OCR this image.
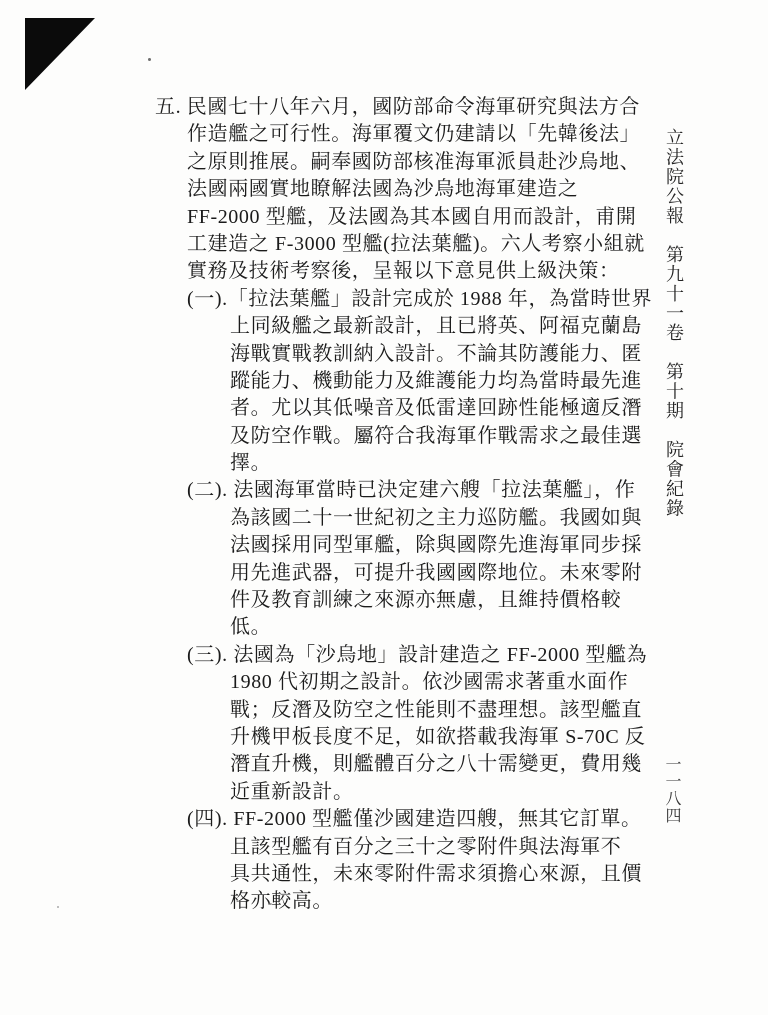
五. 民國七十八年六月，國防部命令海軍研究與法方合
作造艦之可行性。海軍覆文仍建請以「先韓後法」
之原則推展。嗣奉國防部核准海軍派員赴沙烏地、
法國兩國實地瞭解法國為沙烏地海軍建造之
FF-2000 型艦，及法國為其本國自用而設計，甫開
工建造之 F-3000 型艦(拉法葉艦)。六人考察小組就
實務及技術考察後，呈報以下意見供上級決策：
(一).「拉法葉艦」設計完成於 1988 年，為當時世界
上同級艦之最新設計，且已將英、阿福克蘭島
海戰實戰教訓納入設計。不論其防護能力、匿
蹤能力、機動能力及維護能力均為當時最先進
者。尤以其低噪音及低雷達回跡性能極適反潛
及防空作戰。屬符合我海軍作戰需求之最佳選
擇。
(二). 法國海軍當時已決定建六艘「拉法葉艦」，作
為該國二十一世紀初之主力巡防艦。我國如與
法國採用同型軍艦，除與國際先進海軍同步採
用先進武器，可提升我國國際地位。未來零附
件及教育訓練之來源亦無慮，且維持價格較
低。
(三). 法國為「沙烏地」設計建造之 FF-2000 型艦為
1980 代初期之設計。依沙國需求著重水面作
戰；反潛及防空之性能則不盡理想。該型艦直
升機甲板長度不足，如欲搭載我海軍 S-70C 反
潛直升機，則艦體百分之八十需變更，費用幾
近重新設計。
(四). FF-2000 型艦僅沙國建造四艘，無其它訂單。
且該型艦有百分之三十之零附件與法海軍不
具共通性，未來零附件需求須擔心來源，且價
格亦較高。
立法院公報　第九十一卷　第十期　院會紀錄
一一八四
